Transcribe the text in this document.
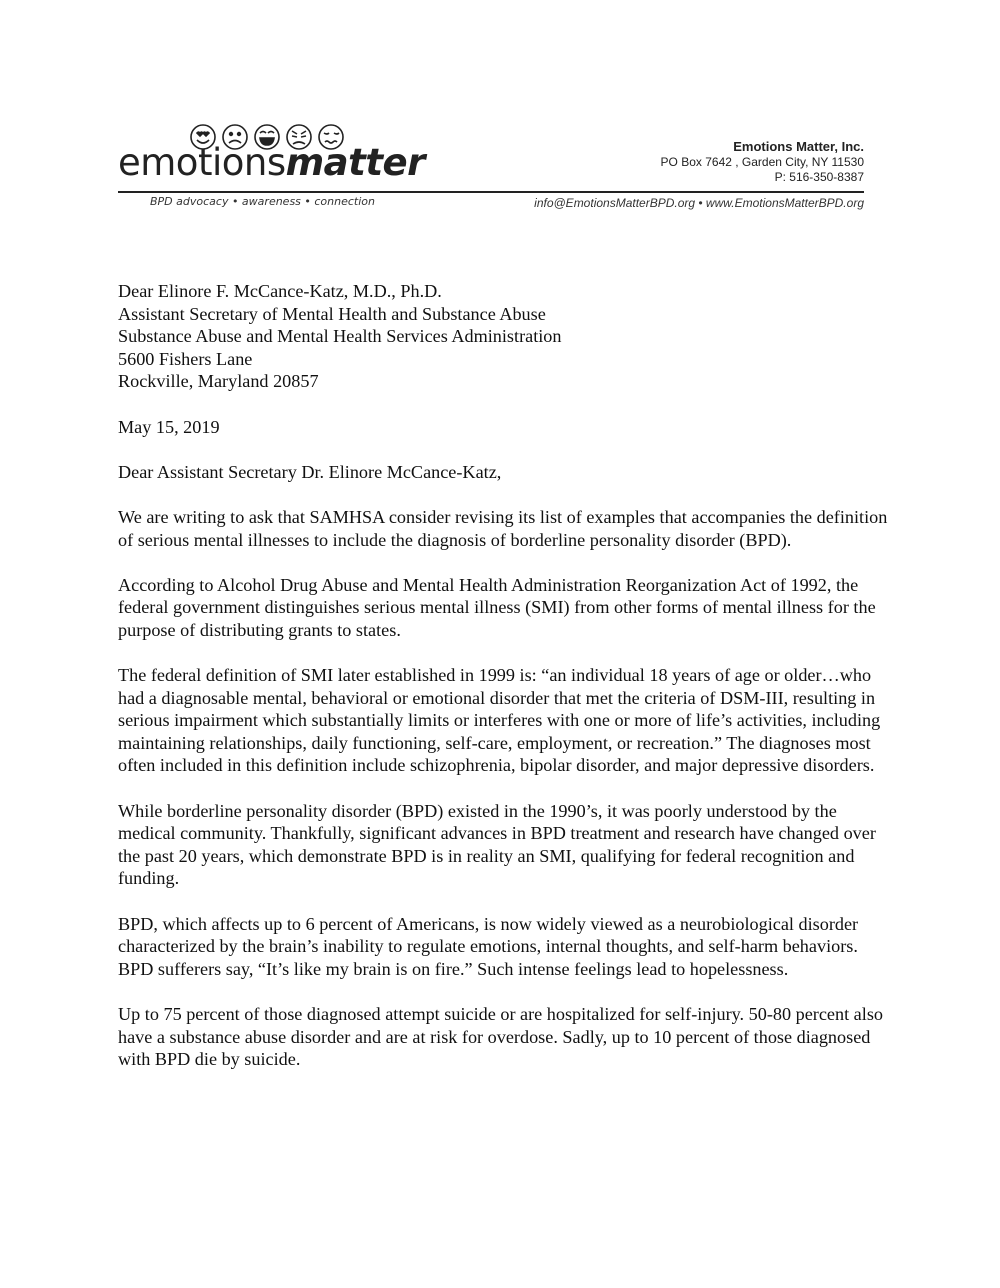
emotionsmatter
BPD advocacy • awareness • connection
Emotions Matter, Inc.
PO Box 7642 , Garden City, NY 11530
P: 516-350-8387
info@EmotionsMatterBPD.org • www.EmotionsMatterBPD.org

Dear Elinore F. McCance-Katz, M.D., Ph.D.

Assistant Secretary of Mental Health and Substance Abuse

Substance Abuse and Mental Health Services Administration

5600 Fishers Lane

Rockville, Maryland 20857

May 15, 2019

Dear Assistant Secretary Dr. Elinore McCance-Katz,

We are writing to ask that SAMHSA consider revising its list of examples that accompanies the definition of serious mental illnesses to include the diagnosis of borderline personality disorder (BPD).

According to Alcohol Drug Abuse and Mental Health Administration Reorganization Act of 1992, the federal government distinguishes serious mental illness (SMI) from other forms of mental illness for the purpose of distributing grants to states.

The federal definition of SMI later established in 1999 is: “an individual 18 years of age or older…who had a diagnosable mental, behavioral or emotional disorder that met the criteria of DSM-III, resulting in serious impairment which substantially limits or interferes with one or more of life’s activities, including maintaining relationships, daily functioning, self-care, employment, or recreation.” The diagnoses most often included in this definition include schizophrenia, bipolar disorder, and major depressive disorders.

While borderline personality disorder (BPD) existed in the 1990’s, it was poorly understood by the medical community. Thankfully, significant advances in BPD treatment and research have changed over the past 20 years, which demonstrate BPD is in reality an SMI, qualifying for federal recognition and funding.

BPD, which affects up to 6 percent of Americans, is now widely viewed as a neurobiological disorder characterized by the brain’s inability to regulate emotions, internal thoughts, and self-harm behaviors. BPD sufferers say, “It’s like my brain is on fire.” Such intense feelings lead to hopelessness.

Up to 75 percent of those diagnosed attempt suicide or are hospitalized for self-injury. 50-80 percent also have a substance abuse disorder and are at risk for overdose. Sadly, up to 10 percent of those diagnosed with BPD die by suicide.
